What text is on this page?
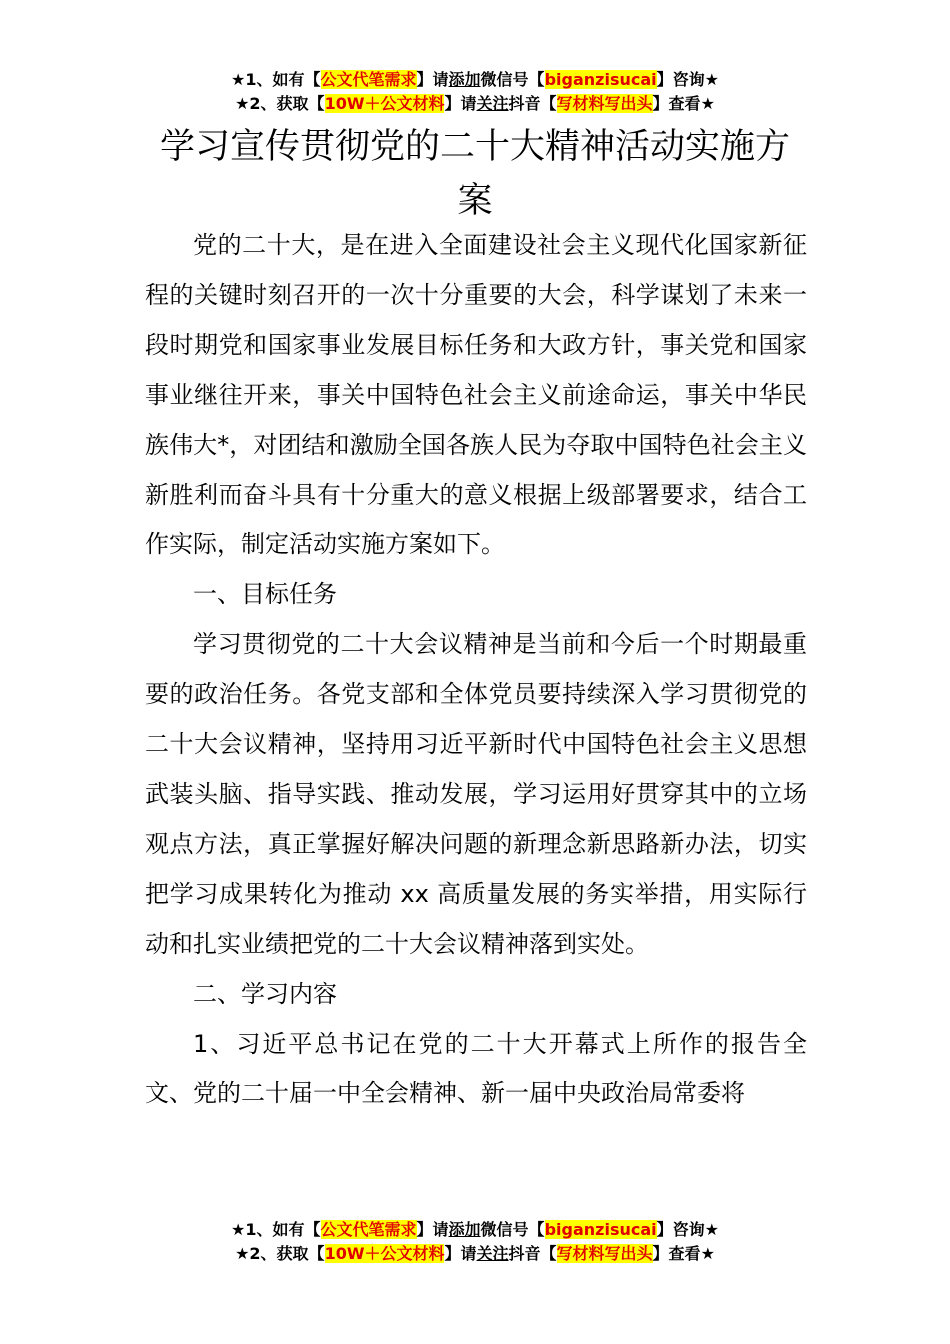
★1、如有【公文代笔需求】请添加微信号【biganzisucai】咨询★
★2、获取【10W＋公文材料】请关注抖音【写材料写出头】查看★
学习宣传贯彻党的二十大精神活动实施方案

党的二十大，是在进入全面建设社会主义现代化国家新征程的关键时刻召开的一次十分重要的大会，科学谋划了未来一段时期党和国家事业发展目标任务和大政方针，事关党和国家事业继往开来，事关中国特色社会主义前途命运，事关中华民族伟大*，对团结和激励全国各族人民为夺取中国特色社会主义新胜利而奋斗具有十分重大的意义根据上级部署要求，结合工作实际，制定活动实施方案如下。

一、目标任务

学习贯彻党的二十大会议精神是当前和今后一个时期最重要的政治任务。各党支部和全体党员要持续深入学习贯彻党的二十大会议精神，坚持用习近平新时代中国特色社会主义思想武装头脑、指导实践、推动发展，学习运用好贯穿其中的立场观点方法，真正掌握好解决问题的新理念新思路新办法，切实把学习成果转化为推动 xx 高质量发展的务实举措，用实际行动和扎实业绩把党的二十大会议精神落到实处。

二、学习内容

1、习近平总书记在党的二十大开幕式上所作的报告全文、党的二十届一中全会精神、新一届中央政治局常委将

★1、如有【公文代笔需求】请添加微信号【biganzisucai】咨询★
★2、获取【10W＋公文材料】请关注抖音【写材料写出头】查看★
